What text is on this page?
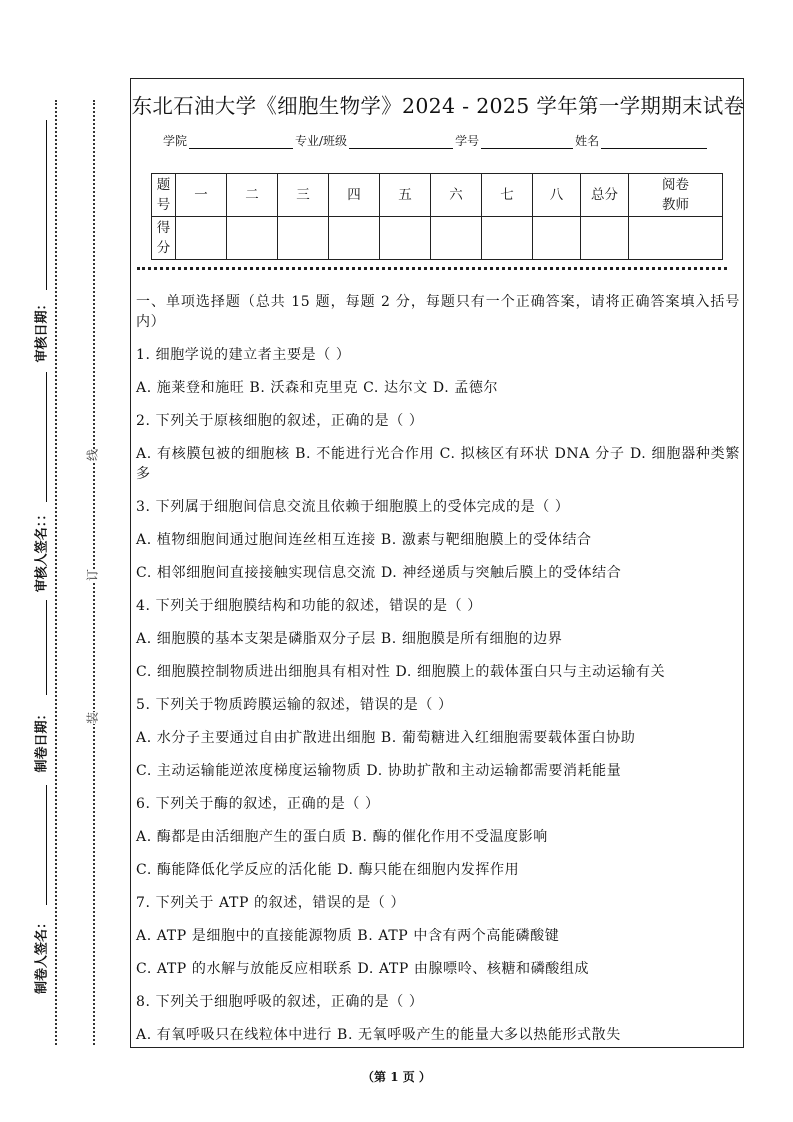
审核日期：
审核人签名：：
制卷日期：
制卷人签名：
线
订
装
东北石油大学《细胞生物学》2024 - 2025 学年第一学期期末试卷
学院	专业/班级	学号	姓名
题号	一	二	三	四	五	六	七	八	总分	阅卷教师
得分										

一、单项选择题（总共 15 题，每题 2 分，每题只有一个正确答案，请将正确答案填入括号内）

1. 细胞学说的建立者主要是（ ）

A. 施莱登和施旺 B. 沃森和克里克 C. 达尔文 D. 孟德尔

2. 下列关于原核细胞的叙述，正确的是（ ）

A. 有核膜包被的细胞核 B. 不能进行光合作用 C. 拟核区有环状 DNA 分子 D. 细胞器种类繁多

3. 下列属于细胞间信息交流且依赖于细胞膜上的受体完成的是（ ）

A. 植物细胞间通过胞间连丝相互连接 B. 激素与靶细胞膜上的受体结合

C. 相邻细胞间直接接触实现信息交流 D. 神经递质与突触后膜上的受体结合

4. 下列关于细胞膜结构和功能的叙述，错误的是（ ）

A. 细胞膜的基本支架是磷脂双分子层 B. 细胞膜是所有细胞的边界

C. 细胞膜控制物质进出细胞具有相对性 D. 细胞膜上的载体蛋白只与主动运输有关

5. 下列关于物质跨膜运输的叙述，错误的是（ ）

A. 水分子主要通过自由扩散进出细胞 B. 葡萄糖进入红细胞需要载体蛋白协助

C. 主动运输能逆浓度梯度运输物质 D. 协助扩散和主动运输都需要消耗能量

6. 下列关于酶的叙述，正确的是（ ）

A. 酶都是由活细胞产生的蛋白质 B. 酶的催化作用不受温度影响

C. 酶能降低化学反应的活化能 D. 酶只能在细胞内发挥作用

7. 下列关于 ATP 的叙述，错误的是（ ）

A. ATP 是细胞中的直接能源物质 B. ATP 中含有两个高能磷酸键

C. ATP 的水解与放能反应相联系 D. ATP 由腺嘌呤、核糖和磷酸组成

8. 下列关于细胞呼吸的叙述，正确的是（ ）

A. 有氧呼吸只在线粒体中进行 B. 无氧呼吸产生的能量大多以热能形式散失

（第 1 页 ）
